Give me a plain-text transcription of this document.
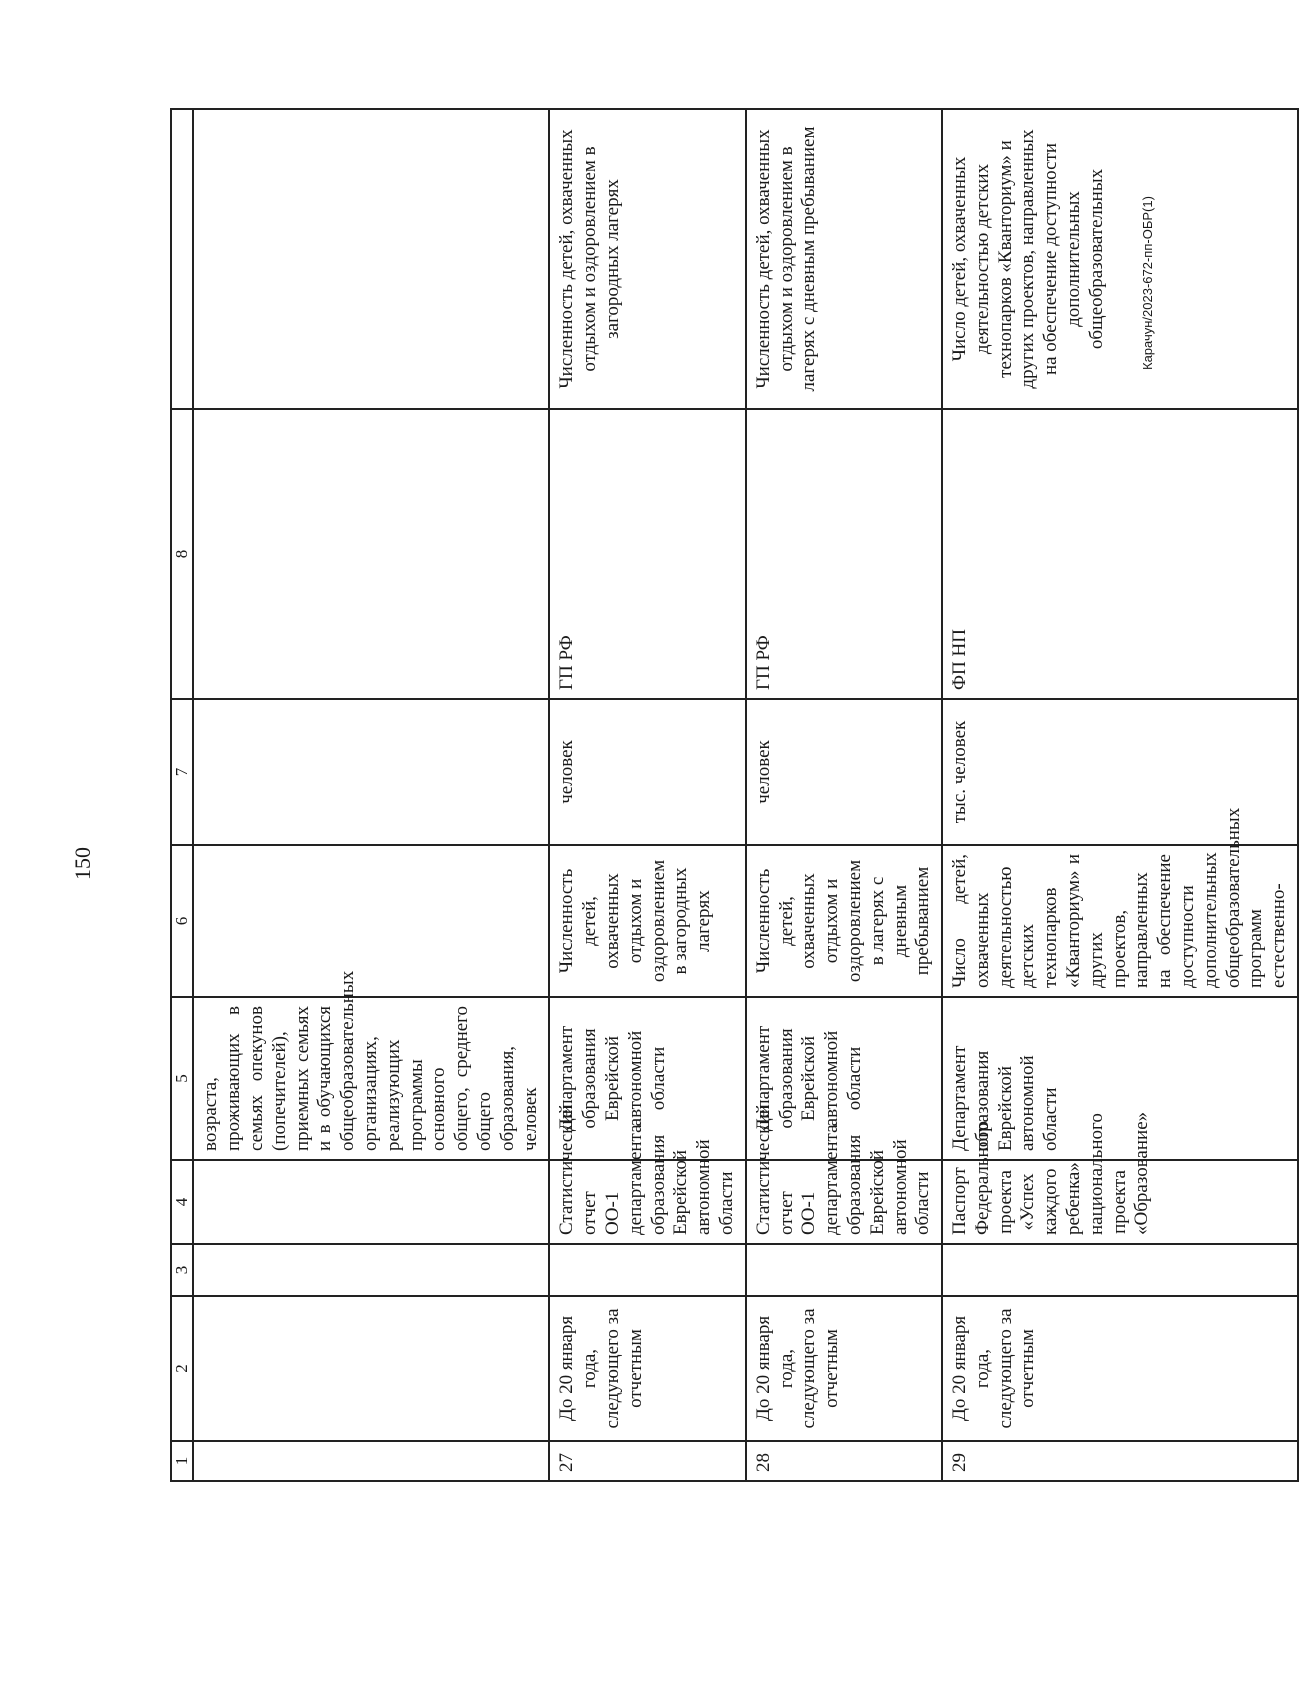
150
Карачун/2023-672-пп-ОБР(1)
1	2	3	4	5	6	7	8	
				возраста, проживающих в семьях опекунов (попечителей), приемных семьях и в обучающихся общеобразовательных организациях, реализующих программы основного общего, среднего общего образования, человек				
27	До 20 января года, следующего за отчетным		Статистический отчет ОО-1 департамента образования Еврейской автономной области	Департамент образования Еврейской автономной области	Численность детей, охваченных отдыхом и оздоровлением в загородных лагерях	человек	ГП РФ	Численность детей, охваченных отдыхом и оздоровлением в загородных лагерях
28	До 20 января года, следующего за отчетным		Статистический отчет ОО-1 департамента образования Еврейской автономной области	Департамент образования Еврейской автономной области	Численность детей, охваченных отдыхом и оздоровлением в лагерях с дневным пребыванием	человек	ГП РФ	Численность детей, охваченных отдыхом и оздоровлением в лагерях с дневным пребыванием
29	До 20 января года, следующего за отчетным		Паспорт Федерального проекта «Успех каждого ребенка» национального проекта «Образование»	Департамент образования Еврейской автономной области	Число детей, охваченных деятельностью детских технопарков «Кванториум» и других проектов, направленных на обеспечение доступности дополнительных общеобразовательных программ естественно-	тыс. человек	ФП НП	Число детей, охваченных деятельностью детских технопарков «Кванториум» и других проектов, направленных на обеспечение доступности дополнительных общеобразовательных
